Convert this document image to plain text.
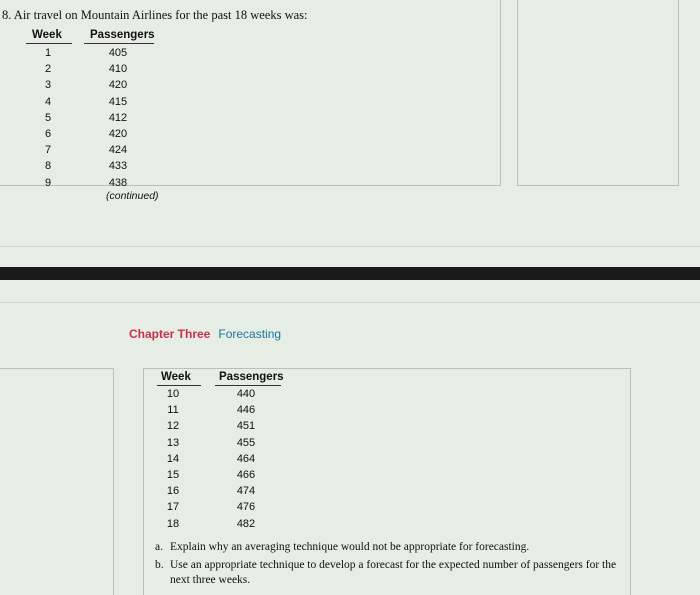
8. Air travel on Mountain Airlines for the past 18 weeks was:
Week Passengers
1
2
3
4
5
6
7
8
9
405
410
420
415
412
420
424
433
438
(continued)
Chapter Three Forecasting
Week Passengers
10
11
12
13
14
15
16
17
18
440
446
451
455
464
466
474
476
482
a. Explain why an averaging technique would not be appropriate for forecasting.
b. Use an appropriate technique to develop a forecast for the expected number of passengers for the next three weeks.
